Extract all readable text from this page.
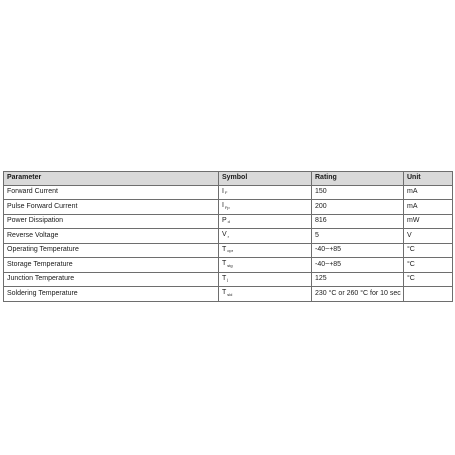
Parameter	Symbol	Rating	Unit
Forward Current	$I_F$	150	mA
Pulse Forward Current	$I_{Fp}$	200	mA
Power Dissipation	$P_d$	816	mW
Reverse Voltage	$V_r$	5	V
Operating Temperature	$T_{opr}$	-40~+85	°C
Storage Temperature	$T_{stg}$	-40~+85	°C
Junction Temperature	$T_j$	125	°C
Soldering Temperature	$T_{sld}$	230 °C or 260 °C for 10 sec	
